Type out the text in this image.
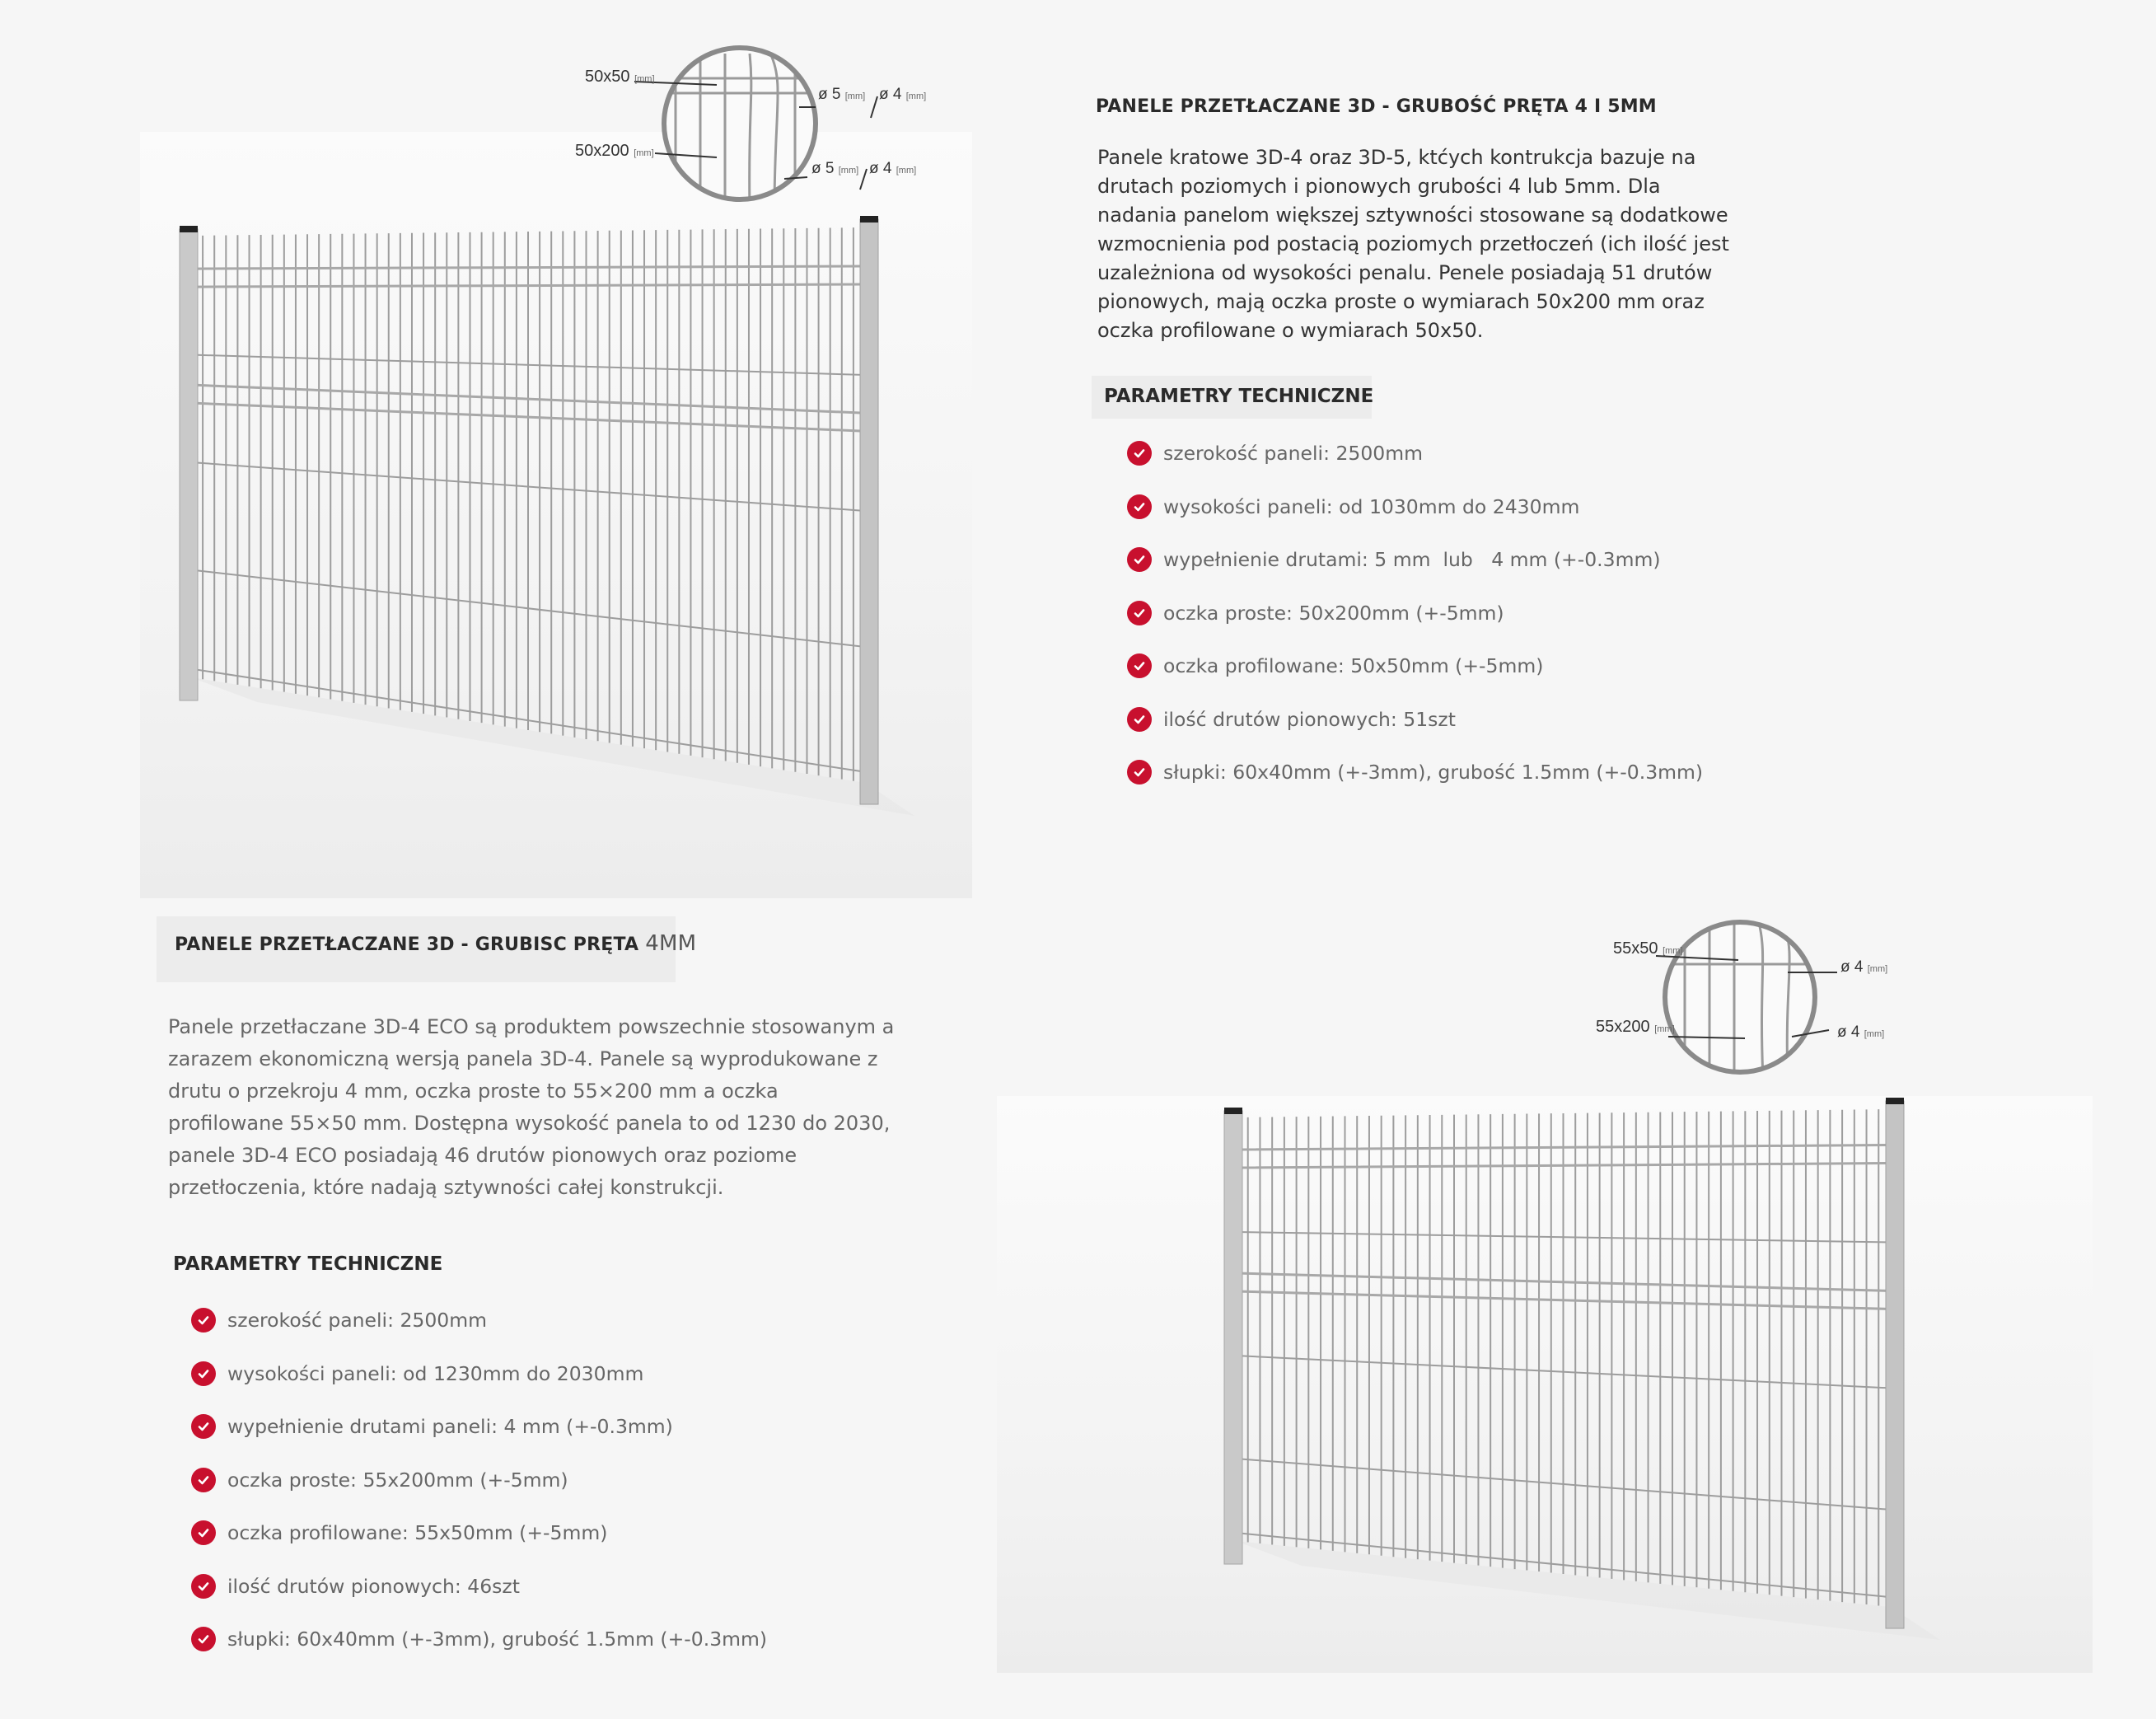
50x50 [mm]
50x200 [mm]
ø 5 [mm] ø 4 [mm]
ø 5 [mm] ø 4 [mm]
PANELE PRZETŁACZANE 3D - GRUBOŚĆ PRĘTA 4 I 5MM
Panele kratowe 3D-4 oraz 3D-5, ktćych kontrukcja bazuje na
drutach poziomych i pionowych grubości 4 lub 5mm. Dla
nadania panelom większej sztywności stosowane są dodatkowe
wzmocnienia pod postacią poziomych przetłoczeń (ich ilość jest
uzależniona od wysokości penalu. Penele posiadają 51 drutów
pionowych, mają oczka proste o wymiarach 50x200 mm oraz
oczka profilowane o wymiarach 50x50.
PARAMETRY TECHNICZNE
szerokość paneli: 2500mm
wysokości paneli: od 1030mm do 2430mm
wypełnienie drutami: 5 mm  lub   4 mm (+-0.3mm)
oczka proste: 50x200mm (+-5mm)
oczka profilowane: 50x50mm (+-5mm)
ilość drutów pionowych: 51szt
słupki: 60x40mm (+-3mm), grubość 1.5mm (+-0.3mm)
PANELE PRZETŁACZANE 3D - GRUBISC PRĘTA 4MM
Panele przetłaczane 3D-4 ECO są produktem powszechnie stosowanym a
zarazem ekonomiczną wersją panela 3D-4. Panele są wyprodukowane z
drutu o przekroju 4 mm, oczka proste to 55×200 mm a oczka
profilowane 55×50 mm. Dostępna wysokość panela to od 1230 do 2030,
panele 3D-4 ECO posiadają 46 drutów pionowych oraz poziome
przetłoczenia, które nadają sztywności całej konstrukcji.
PARAMETRY TECHNICZNE
szerokość paneli: 2500mm
wysokości paneli: od 1230mm do 2030mm
wypełnienie drutami paneli: 4 mm (+-0.3mm)
oczka proste: 55x200mm (+-5mm)
oczka profilowane: 55x50mm (+-5mm)
ilość drutów pionowych: 46szt
słupki: 60x40mm (+-3mm), grubość 1.5mm (+-0.3mm)
55x50 [mm]
55x200 [mm]
ø 4 [mm]
ø 4 [mm]
